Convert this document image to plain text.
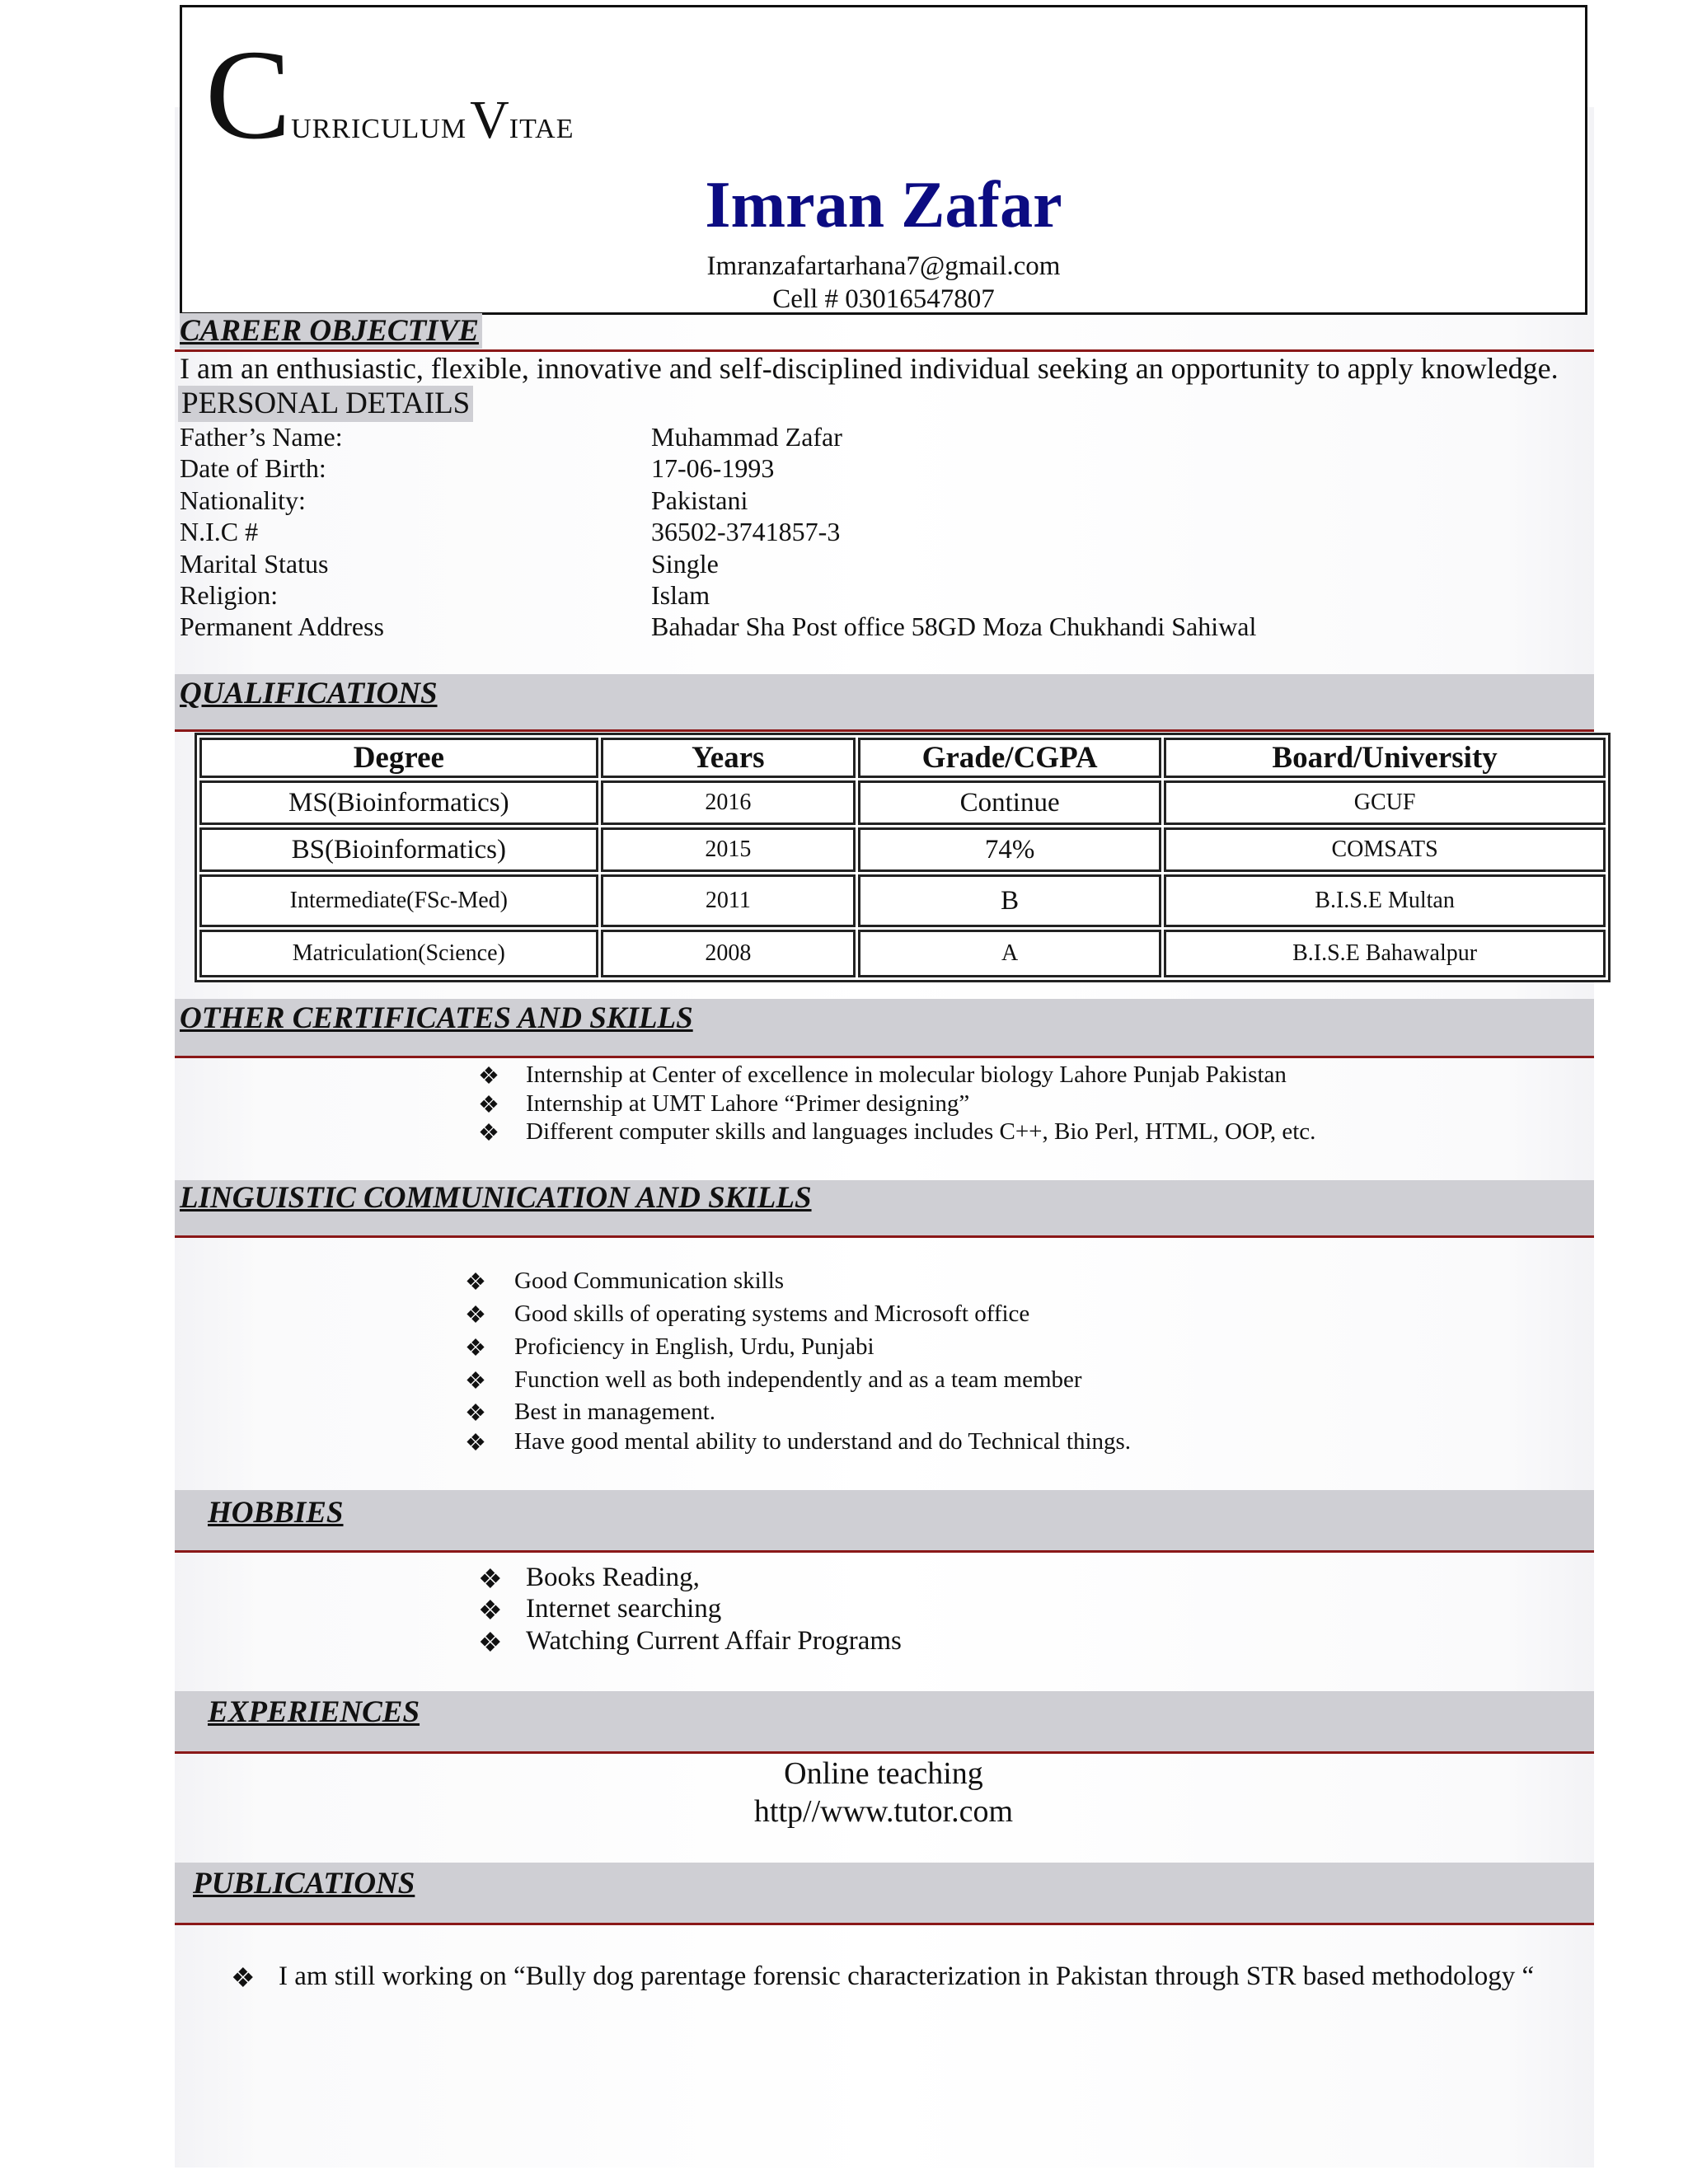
CURRICULUM VITAE
Imran Zafar
Imranzafartarhana7@gmail.com
Cell # 03016547807
CAREER OBJECTIVE
I am an enthusiastic, flexible, innovative and self-disciplined individual seeking an opportunity to apply knowledge.
PERSONAL DETAILS
Father’s Name:	Muhammad Zafar
Date of Birth:	17-06-1993
Nationality:	Pakistani
N.I.C #	36502-3741857-3
Marital Status	Single
Religion:	Islam
Permanent Address	Bahadar Sha Post office 58GD Moza Chukhandi Sahiwal
QUALIFICATIONS
Degree	Years	Grade/CGPA	Board/University
MS(Bioinformatics)	2016	Continue	GCUF
BS(Bioinformatics)	2015	74%	COMSATS
Intermediate(FSc-Med)	2011	B	B.I.S.E Multan
Matriculation(Science)	2008	A	B.I.S.E Bahawalpur
OTHER CERTIFICATES AND SKILLS
❖ Internship at Center of excellence in molecular biology Lahore Punjab Pakistan
❖ Internship at UMT Lahore “Primer designing”
❖ Different computer skills and languages includes C++, Bio Perl, HTML, OOP, etc.
LINGUISTIC COMMUNICATION AND SKILLS
❖ Good Communication skills
❖ Good skills of operating systems and Microsoft office
❖ Proficiency in English, Urdu, Punjabi
❖ Function well as both independently and as a team member
❖ Best in management.
❖ Have good mental ability to understand and do Technical things.
HOBBIES
❖ Books Reading,
❖ Internet searching
❖ Watching Current Affair Programs
EXPERIENCES
Online teaching
http//www.tutor.com
PUBLICATIONS
❖ I am still working on “Bully dog parentage forensic characterization in Pakistan through STR based methodology “
